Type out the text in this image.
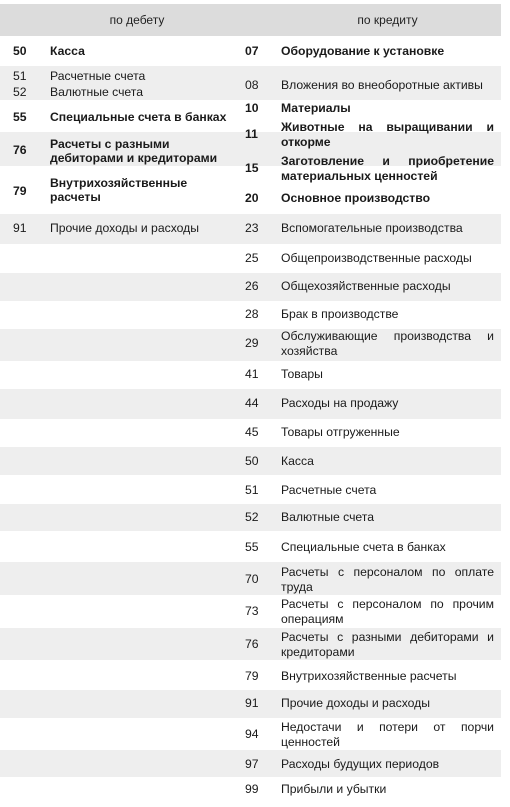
по дебету	по кредиту
50 Касса
51 Расчетные счета
52 Валютные счета
55 Специальные счета в банках
76 Расчеты с разными дебиторами и кредиторами
79
Внутрихозяйственные расчеты
91 Прочие доходы и расходы
07 Оборудование к установке
08 Вложения во внеоборотные активы
10 Материалы
11 Животные на выращивании и откорме
15 Заготовление и приобретение материальных ценностей
20 Основное производство
23 Вспомогательные производства
25 Общепроизводственные расходы
26 Общехозяйственные расходы
28 Брак в производстве
29 Обслуживающие производства и хозяйства
41 Товары
44 Расходы на продажу
45 Товары отгруженные
50 Касса
51 Расчетные счета
52 Валютные счета
55 Специальные счета в банках
70 Расчеты с персоналом по оплате труда
73 Расчеты с персоналом по прочим операциям
76 Расчеты с разными дебиторами и кредиторами
79 Внутрихозяйственные расчеты
91 Прочие доходы и расходы
94 Недостачи и потери от порчи ценностей
97 Расходы будущих периодов
99 Прибыли и убытки
